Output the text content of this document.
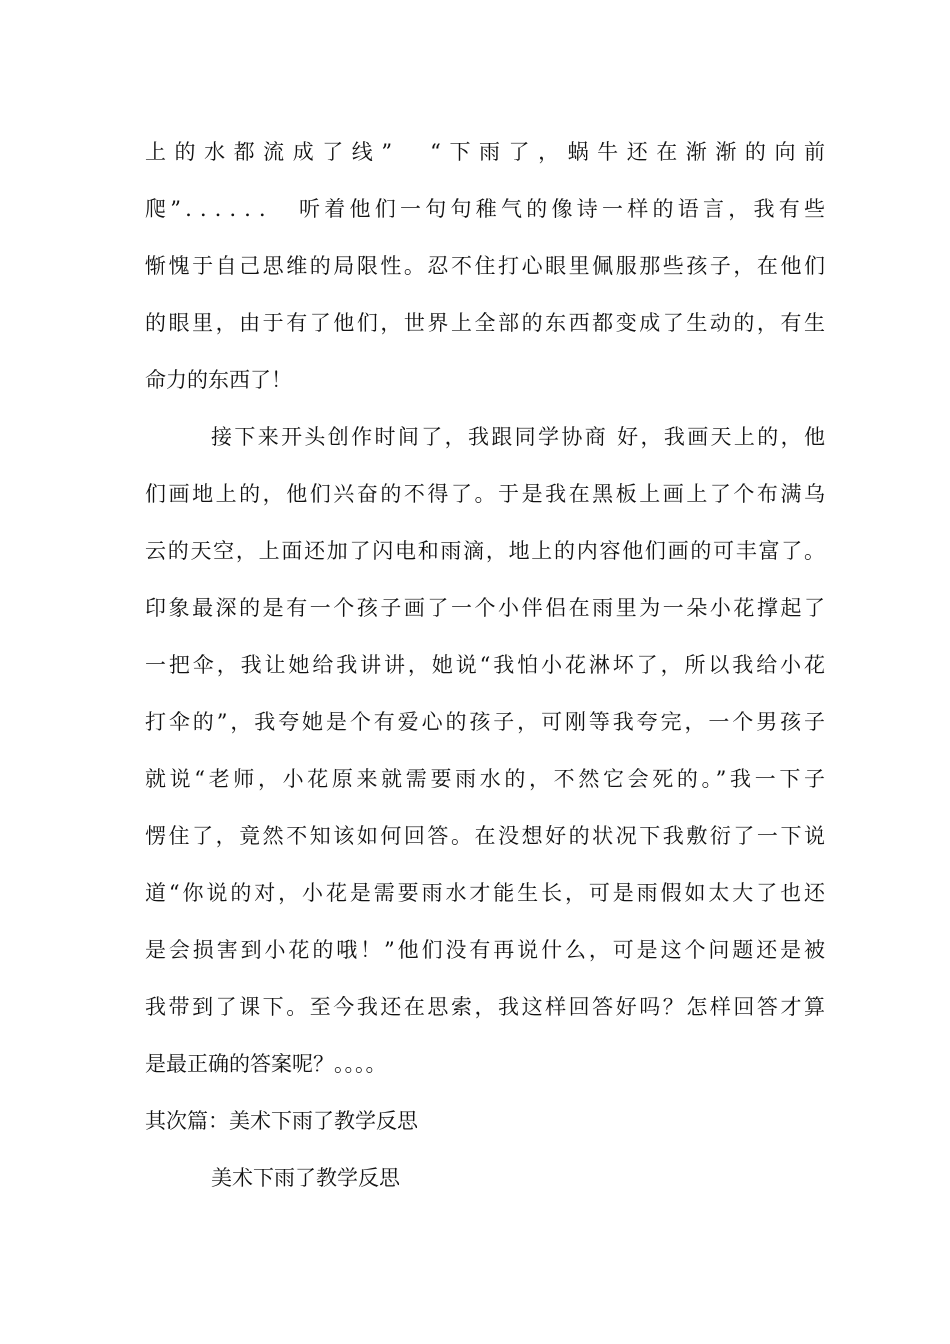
上的水都流成了线”　“下雨了，蜗牛还在渐渐的向前
爬”．．．．．．　听着他们一句句稚气的像诗一样的语言，我有些
惭愧于自己思维的局限性。忍不住打心眼里佩服那些孩子，在他们
的眼里，由于有了他们，世界上全部的东西都变成了生动的，有生
命力的东西了！
接下来开头创作时间了，我跟同学协商 好，我画天上的，他
们画地上的，他们兴奋的不得了。于是我在黑板上画上了个布满乌
云的天空，上面还加了闪电和雨滴，地上的内容他们画的可丰富了。
印象最深的是有一个孩子画了一个小伴侣在雨里为一朵小花撑起了
一把伞，我让她给我讲讲，她说“我怕小花淋坏了，所以我给小花
打伞的”，我夸她是个有爱心的孩子，可刚等我夸完，一个男孩子
就说“老师，小花原来就需要雨水的，不然它会死的。”我一下子
愣住了，竟然不知该如何回答。在没想好的状况下我敷衍了一下说
道“你说的对，小花是需要雨水才能生长，可是雨假如太大了也还
是会损害到小花的哦！”他们没有再说什么，可是这个问题还是被
我带到了课下。至今我还在思索，我这样回答好吗？怎样回答才算
是最正确的答案呢？。。。。
其次篇：美术下雨了教学反思
美术下雨了教学反思
